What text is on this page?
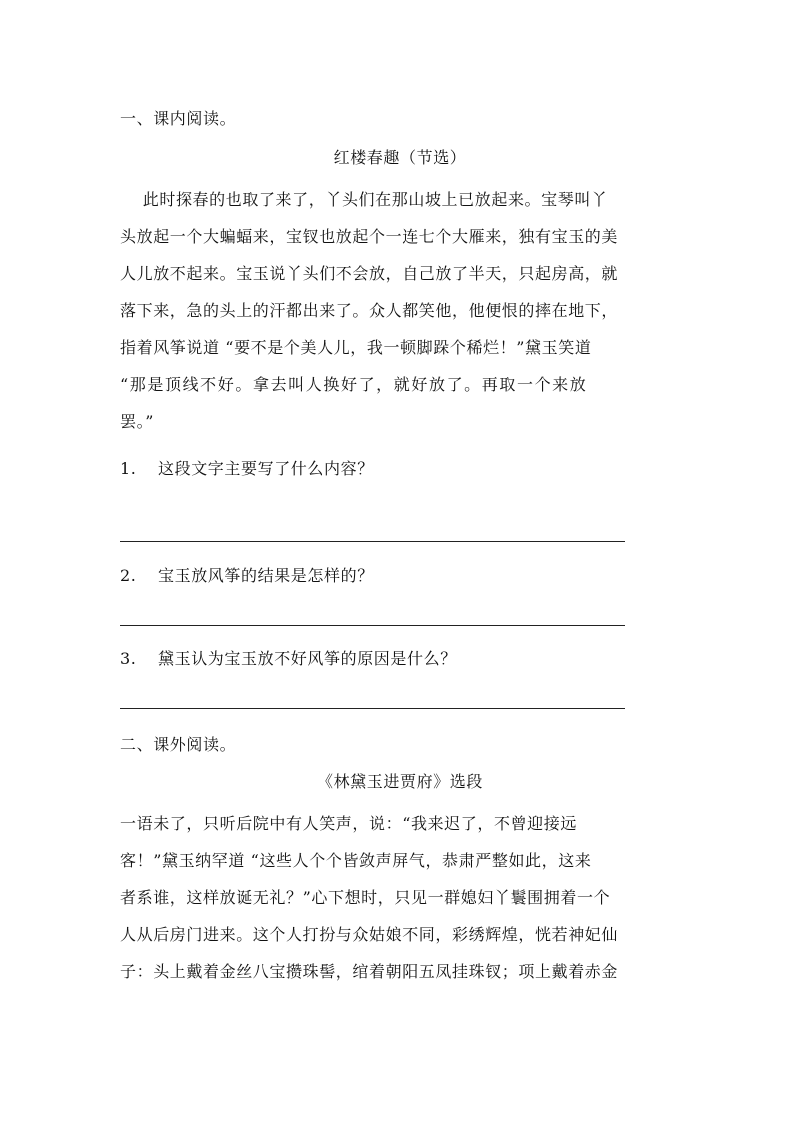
一、课内阅读。
红楼春趣（节选）
此时探春的也取了来了，丫头们在那山坡上已放起来。宝琴叫丫
头放起一个大蝙蝠来，宝钗也放起个一连七个大雁来，独有宝玉的美
人儿放不起来。宝玉说丫头们不会放，自己放了半天，只起房高，就
落下来，急的头上的汗都出来了。众人都笑他，他便恨的摔在地下，
指着风筝说道 “要不是个美人儿，我一顿脚跺个稀烂！”黛玉笑道
“那是顶线不好。拿去叫人换好了，就好放了。再取一个来放
罢。”
1. 这段文字主要写了什么内容？
2. 宝玉放风筝的结果是怎样的？
3. 黛玉认为宝玉放不好风筝的原因是什么？
二、课外阅读。
《林黛玉进贾府》选段
一语未了，只听后院中有人笑声，说：“我来迟了，不曾迎接远
客！”黛玉纳罕道 “这些人个个皆敛声屏气，恭肃严整如此，这来
者系谁，这样放诞无礼？”心下想时，只见一群媳妇丫鬟围拥着一个
人从后房门进来。这个人打扮与众姑娘不同，彩绣辉煌，恍若神妃仙
子：头上戴着金丝八宝攒珠髻，绾着朝阳五凤挂珠钗；项上戴着赤金
